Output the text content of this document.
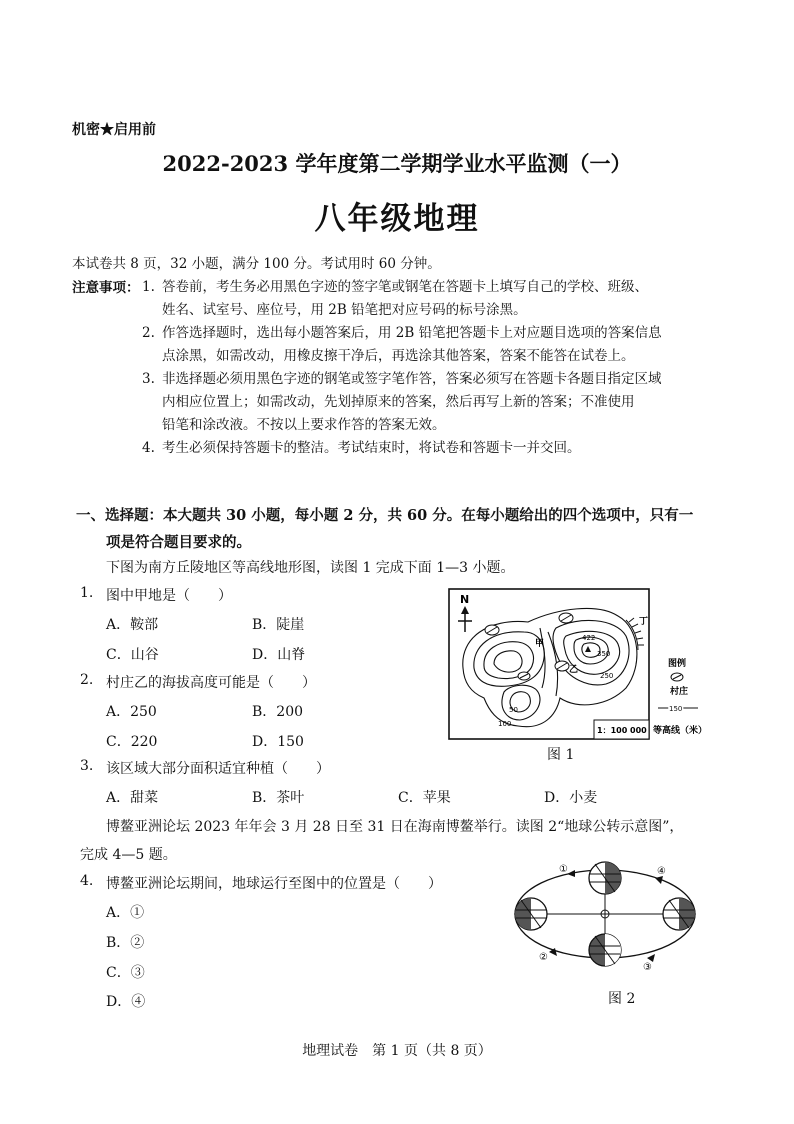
机密★启用前
2022-2023 学年度第二学期学业水平监测（一）
八年级地理
本试卷共 8 页，32 小题，满分 100 分。考试用时 60 分钟。
注意事项： 1. 答卷前，考生务必用黑色字迹的签字笔或钢笔在答题卡上填写自己的学校、班级、
姓名、试室号、座位号，用 2B 铅笔把对应号码的标号涂黑。
2. 作答选择题时，选出每小题答案后，用 2B 铅笔把答题卡上对应题目选项的答案信息
点涂黑，如需改动，用橡皮擦干净后，再选涂其他答案，答案不能答在试卷上。
3. 非选择题必须用黑色字迹的钢笔或签字笔作答，答案必须写在答题卡各题目指定区域
内相应位置上；如需改动，先划掉原来的答案，然后再写上新的答案；不准使用
铅笔和涂改液。不按以上要求作答的答案无效。
4. 考生必须保持答题卡的整洁。考试结束时，将试卷和答题卡一并交回。
一、选择题：本大题共 30 小题，每小题 2 分，共 60 分。在每小题给出的四个选项中，只有一
项是符合题目要求的。
下图为南方丘陵地区等高线地形图，读图 1 完成下面 1—3 小题。
1. 图中甲地是（　　）
A．鞍部	B．陡崖
C．山谷	D．山脊
2. 村庄乙的海拔高度可能是（　　）
A．250	B．200
C．220	D．150
3. 该区域大部分面积适宜种植（　　）
A．甜菜	B．茶叶	C．苹果	D．小麦
博鳌亚洲论坛 2023 年年会 3 月 28 日至 31 日在海南博鳌举行。读图 2“地球公转示意图”，
完成 4—5 题。
4. 博鳌亚洲论坛期间，地球运行至图中的位置是（　　）
A．①
B．②
C．③
D．④
N
422
350
250
50
100
甲
乙
丁
1：100 000
图例
村庄
150
等高线（米）
图 1
①
②
③
④
图 2
地理试卷　第 1 页（共 8 页）
